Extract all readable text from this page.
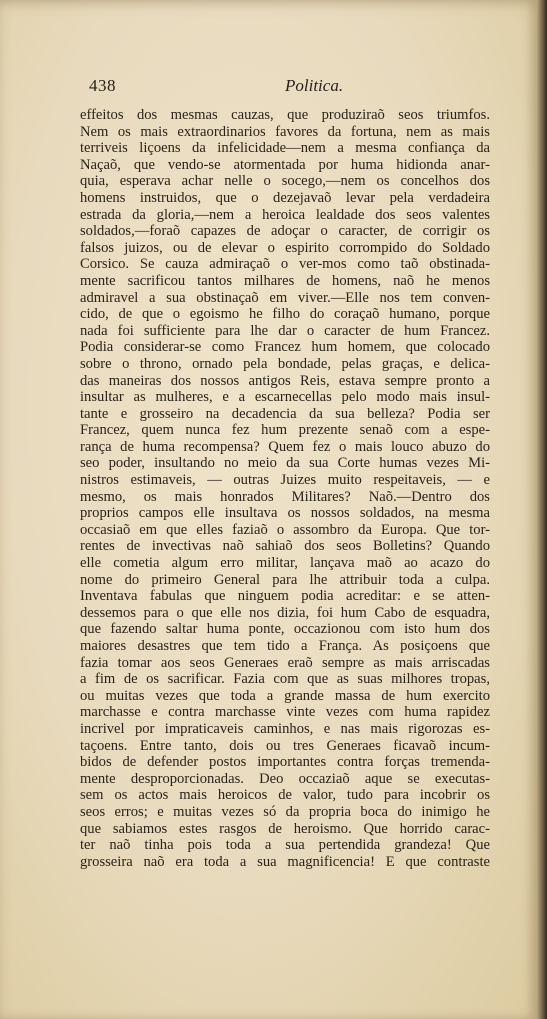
438	Politica.
effeitos dos mesmas cauzas, que produziraõ seos triumfos.
Nem os mais extraordinarios favores da fortuna, nem as mais
terriveis liçoens da infelicidade—nem a mesma confiança da
Naçaõ, que vendo-se atormentada por huma hidionda anar-
quia, esperava achar nelle o socego,—nem os concelhos dos
homens instruidos, que o dezejavaõ levar pela verdadeira
estrada da gloria,—nem a heroica lealdade dos seos valentes
soldados,—foraõ capazes de adoçar o caracter, de corrigir os
falsos juizos, ou de elevar o espirito corrompido do Soldado
Corsico. Se cauza admiraçaõ o ver-mos como taõ obstinada-
mente sacrificou tantos milhares de homens, naõ he menos
admiravel a sua obstinaçaõ em viver.—Elle nos tem conven-
cido, de que o egoismo he filho do coraçaõ humano, porque
nada foi sufficiente para lhe dar o caracter de hum Francez.
Podia considerar-se como Francez hum homem, que colocado
sobre o throno, ornado pela bondade, pelas graças, e delica-
das maneiras dos nossos antigos Reis, estava sempre pronto a
insultar as mulheres, e a escarnecellas pelo modo mais insul-
tante e grosseiro na decadencia da sua belleza? Podia ser
Francez, quem nunca fez hum prezente senaõ com a espe-
rança de huma recompensa? Quem fez o mais louco abuzo do
seo poder, insultando no meio da sua Corte humas vezes Mi-
nistros estimaveis, — outras Juizes muito respeitaveis, — e
mesmo, os mais honrados Militares? Naõ.—Dentro dos
proprios campos elle insultava os nossos soldados, na mesma
occasiaõ em que elles faziaõ o assombro da Europa. Que tor-
rentes de invectivas naõ sahiaõ dos seos Bolletins? Quando
elle cometia algum erro militar, lançava maõ ao acazo do
nome do primeiro General para lhe attribuir toda a culpa.
Inventava fabulas que ninguem podia acreditar: e se atten-
dessemos para o que elle nos dizia, foi hum Cabo de esquadra,
que fazendo saltar huma ponte, occazionou com isto hum dos
maiores desastres que tem tido a França. As posiçoens que
fazia tomar aos seos Generaes eraõ sempre as mais arriscadas
a fim de os sacrificar. Fazia com que as suas milhores tropas,
ou muitas vezes que toda a grande massa de hum exercito
marchasse e contra marchasse vinte vezes com huma rapidez
incrivel por impraticaveis caminhos, e nas mais rigorozas es-
taçoens. Entre tanto, dois ou tres Generaes ficavaõ incum-
bidos de defender postos importantes contra forças tremenda-
mente desproporcionadas. Deo occaziaõ aque se executas-
sem os actos mais heroicos de valor, tudo para incobrir os
seos erros; e muitas vezes só da propria boca do inimigo he
que sabiamos estes rasgos de heroismo. Que horrido carac-
ter naõ tinha pois toda a sua pertendida grandeza! Que
grosseira naõ era toda a sua magnificencia! E que contraste
